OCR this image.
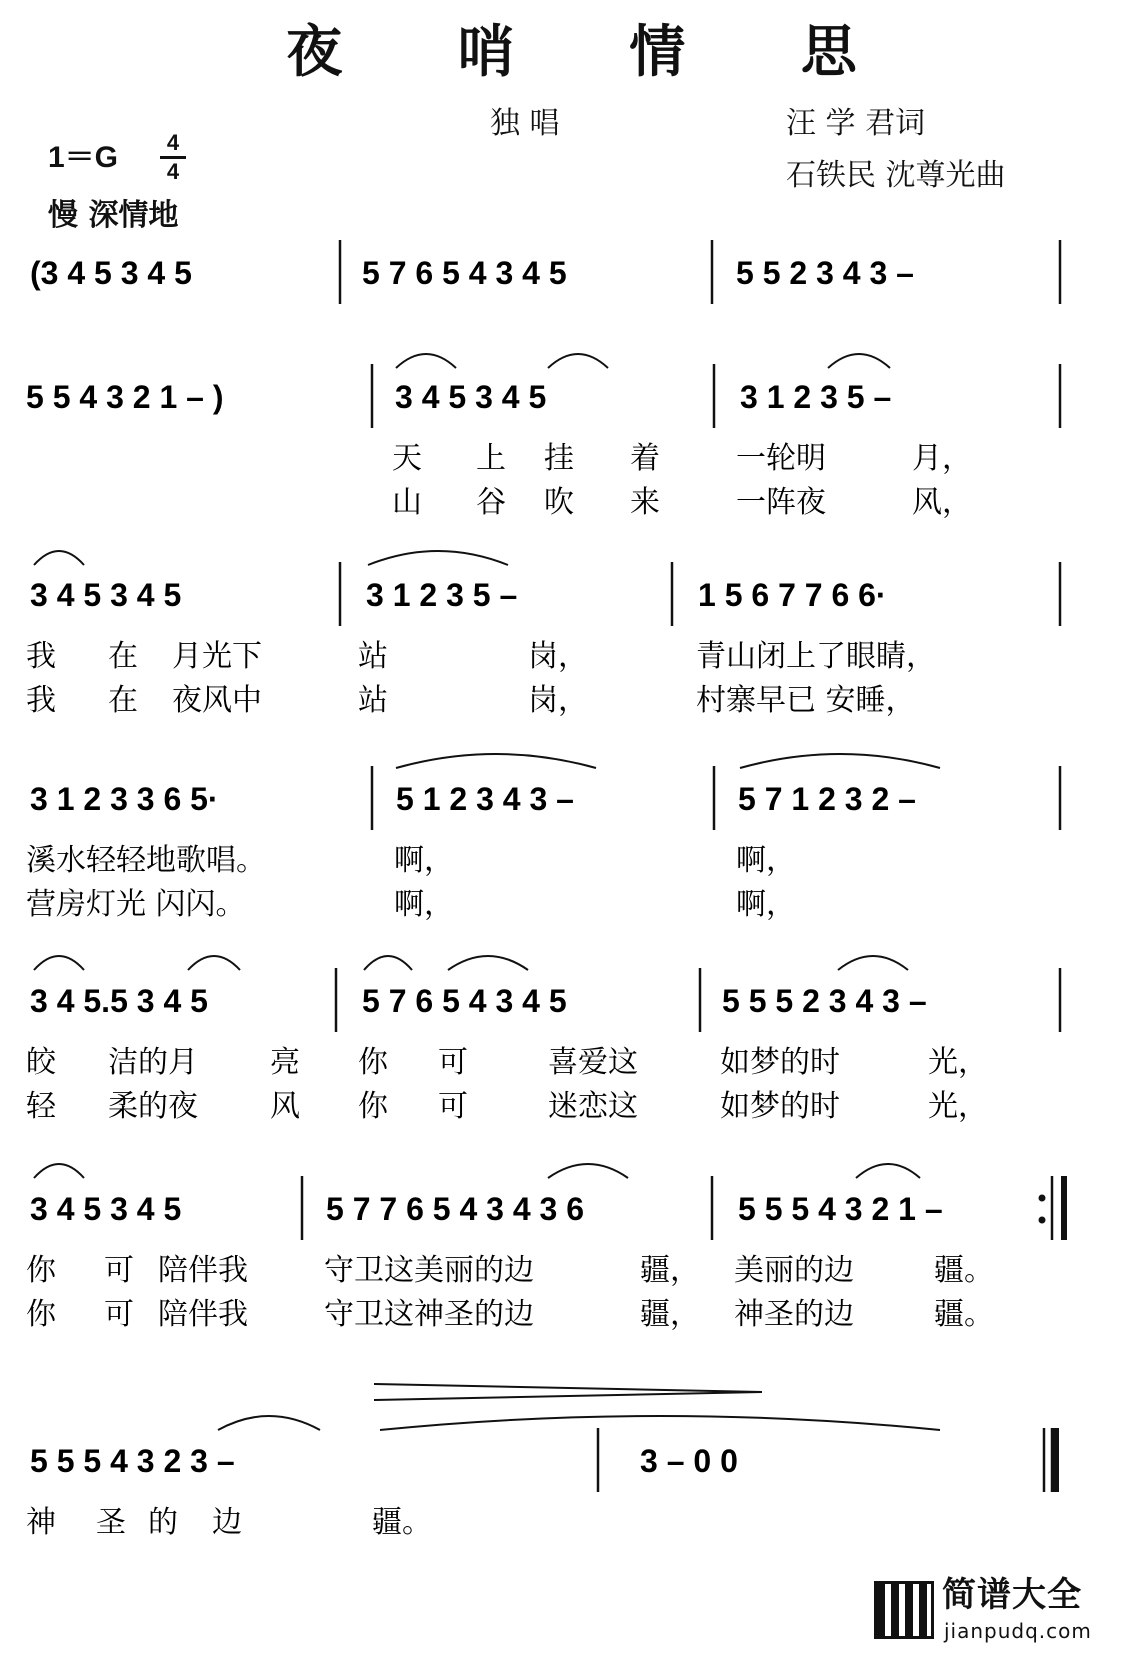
夜 哨 情 思
独 唱	汪 学 君词
石铁民 沈尊光曲
1＝G	4
4
慢 深情地
(3 4 5 3 4 5	5 7 6 5 4 3 4 5	5 5 2 3 4 3 –
5 5 4 3 2 1 – )	3 4 5 3 4 5	3 1 2 3 5 –
天 上 挂 着	一轮明	月，
山 谷 吹 来	一阵夜	风，
3 4 5 3 4 5	3 1 2 3 5 –	1 5 6 7 7 6 6·
我 在 月光下	站	岗，	青山闭上了眼睛，
我 在 夜风中	站	岗，	村寨早已 安睡，
3 1 2 3 3 6 5·	5 1 2 3 4 3 –	5 7 1 2 3 2 –
溪水轻轻地歌唱。	啊，	啊，
营房灯光 闪闪。	啊，	啊，
3 4 5.5 3 4 5	5 7 6 5 4 3 4 5	5 5 5 2 3 4 3 –
皎 洁的月 亮 你 可	喜爱这	如梦的时	光，
轻 柔的夜 风 你 可	迷恋这	如梦的时	光，
3 4 5 3 4 5	5 7 7 6 5 4 3 4 3 6	5 5 5 4 3 2 1 –
你 可 陪伴我	守卫这美丽的边	疆， 美丽的边	疆。
你 可 陪伴我	守卫这神圣的边	疆， 神圣的边	疆。
5 5 5 4 3 2 3 –	3 – 0 0
神 圣 的 边	疆。
简谱大全
jianpudq.com
